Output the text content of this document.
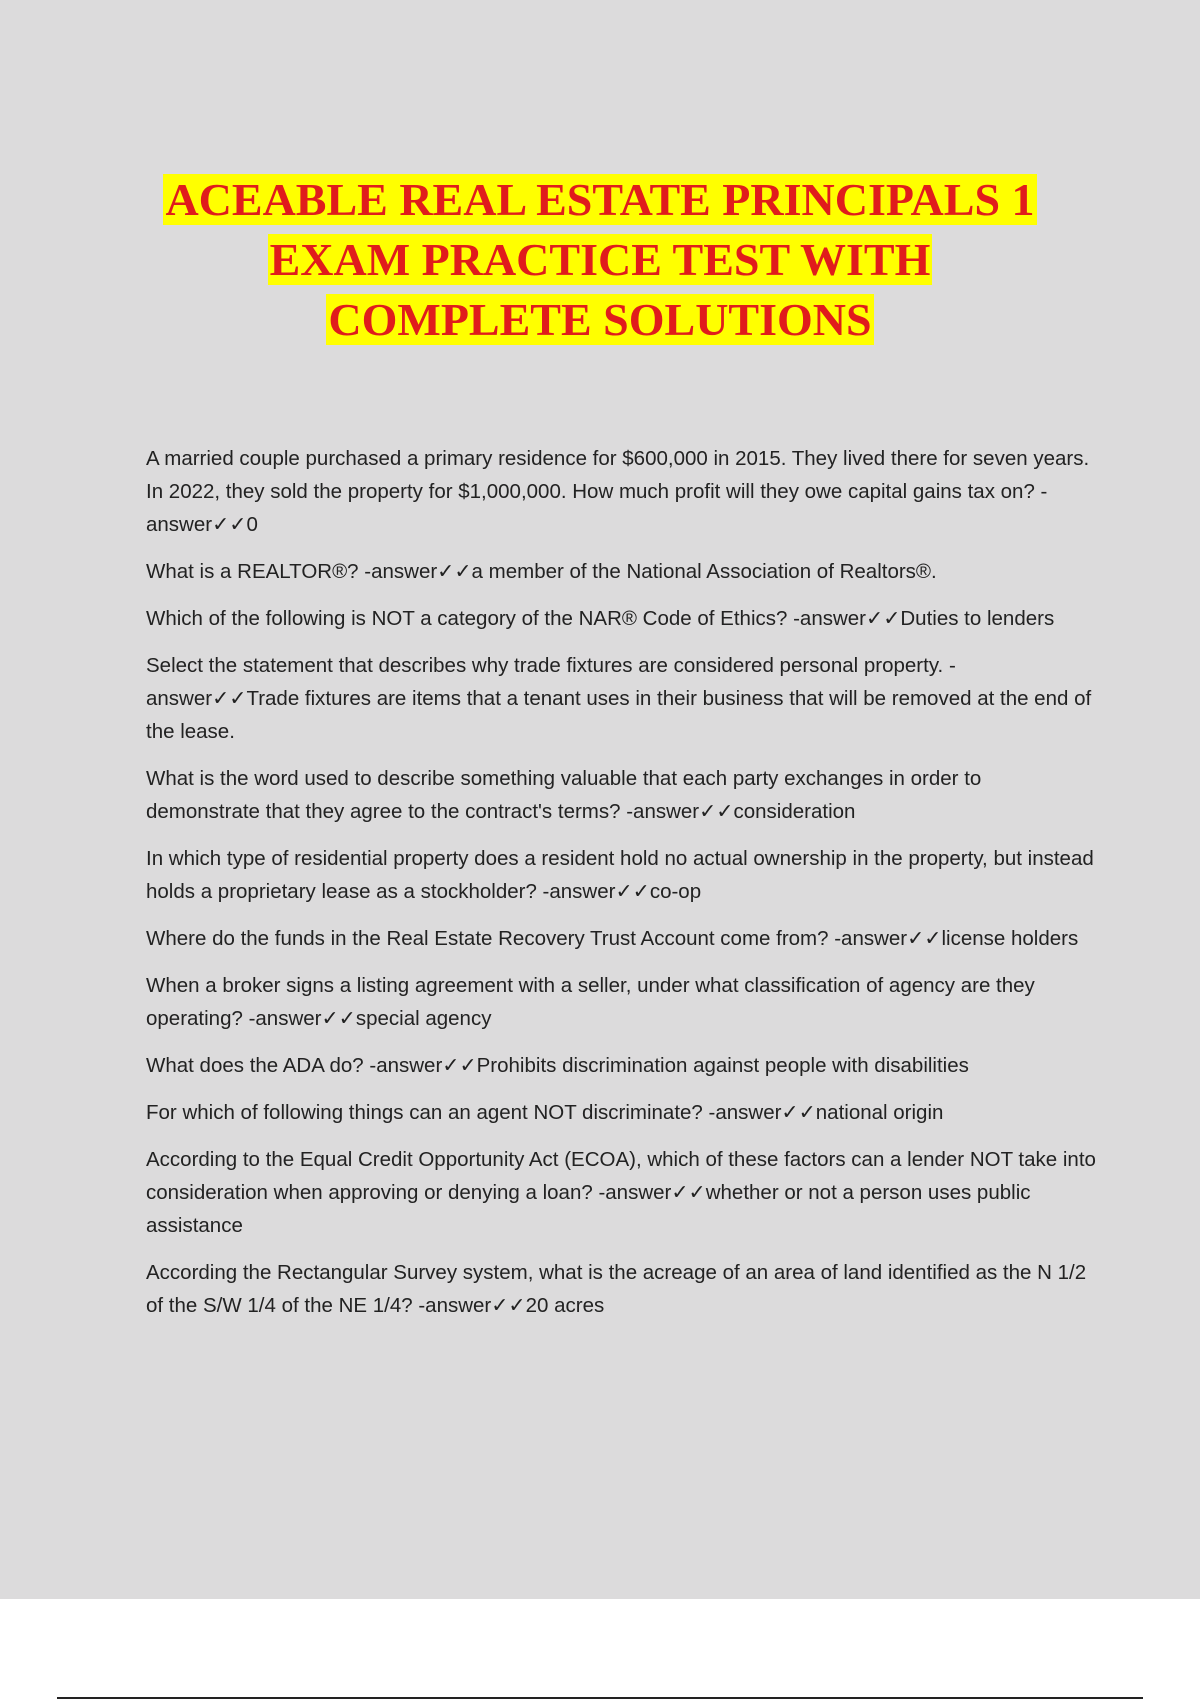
ACEABLE REAL ESTATE PRINCIPALS 1
EXAM PRACTICE TEST WITH
COMPLETE SOLUTIONS

A married couple purchased a primary residence for $600,000 in 2015. They lived there for seven years. In 2022, they sold the property for $1,000,000. How much profit will they owe capital gains tax on? -answer✓✓0

What is a REALTOR®? -answer✓✓a member of the National Association of Realtors®.

Which of the following is NOT a category of the NAR® Code of Ethics? -answer✓✓Duties to lenders

Select the statement that describes why trade fixtures are considered personal property. -answer✓✓Trade fixtures are items that a tenant uses in their business that will be removed at the end of the lease.

What is the word used to describe something valuable that each party exchanges in order to demonstrate that they agree to the contract's terms? -answer✓✓consideration

In which type of residential property does a resident hold no actual ownership in the property, but instead holds a proprietary lease as a stockholder? -answer✓✓co-op

Where do the funds in the Real Estate Recovery Trust Account come from? -answer✓✓license holders

When a broker signs a listing agreement with a seller, under what classification of agency are they operating? -answer✓✓special agency

What does the ADA do? -answer✓✓Prohibits discrimination against people with disabilities

For which of following things can an agent NOT discriminate? -answer✓✓national origin

According to the Equal Credit Opportunity Act (ECOA), which of these factors can a lender NOT take into consideration when approving or denying a loan? -answer✓✓whether or not a person uses public assistance

According the Rectangular Survey system, what is the acreage of an area of land identified as the N 1/2 of the S/W 1/4 of the NE 1/4? -answer✓✓20 acres
